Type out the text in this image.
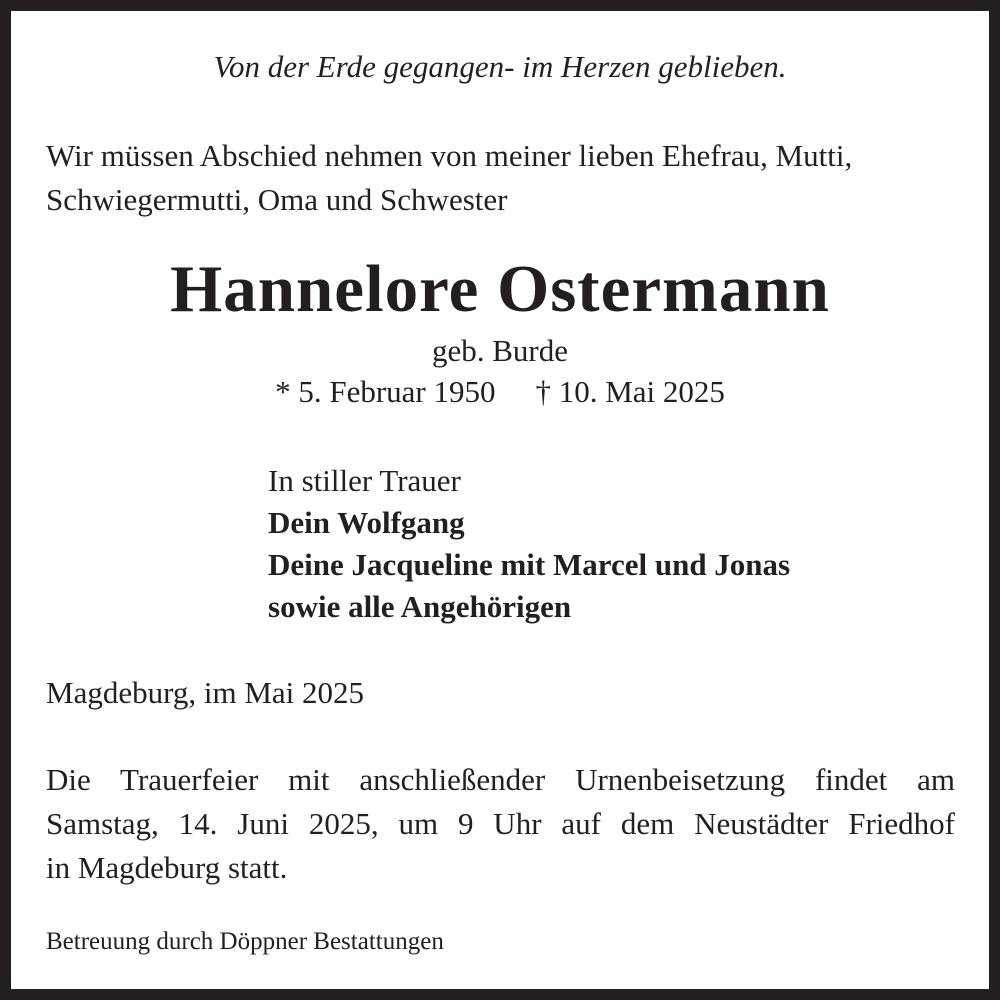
Von der Erde gegangen- im Herzen geblieben.

Wir müssen Abschied nehmen von meiner lieben Ehefrau, Mutti,
Schwiegermutti, Oma und Schwester
Hannelore Ostermann

geb. Burde

* 5. Februar 1950 † 10. Mai 2025

In stiller Trauer
Dein Wolfgang
Deine Jacqueline mit Marcel und Jonas
sowie alle Angehörigen

Magdeburg, im Mai 2025

Die Trauerfeier mit anschließender Urnenbeisetzung findet am
Samstag, 14. Juni 2025, um 9 Uhr auf dem Neustädter Friedhof
in Magdeburg statt.

Betreuung durch Döppner Bestattungen
